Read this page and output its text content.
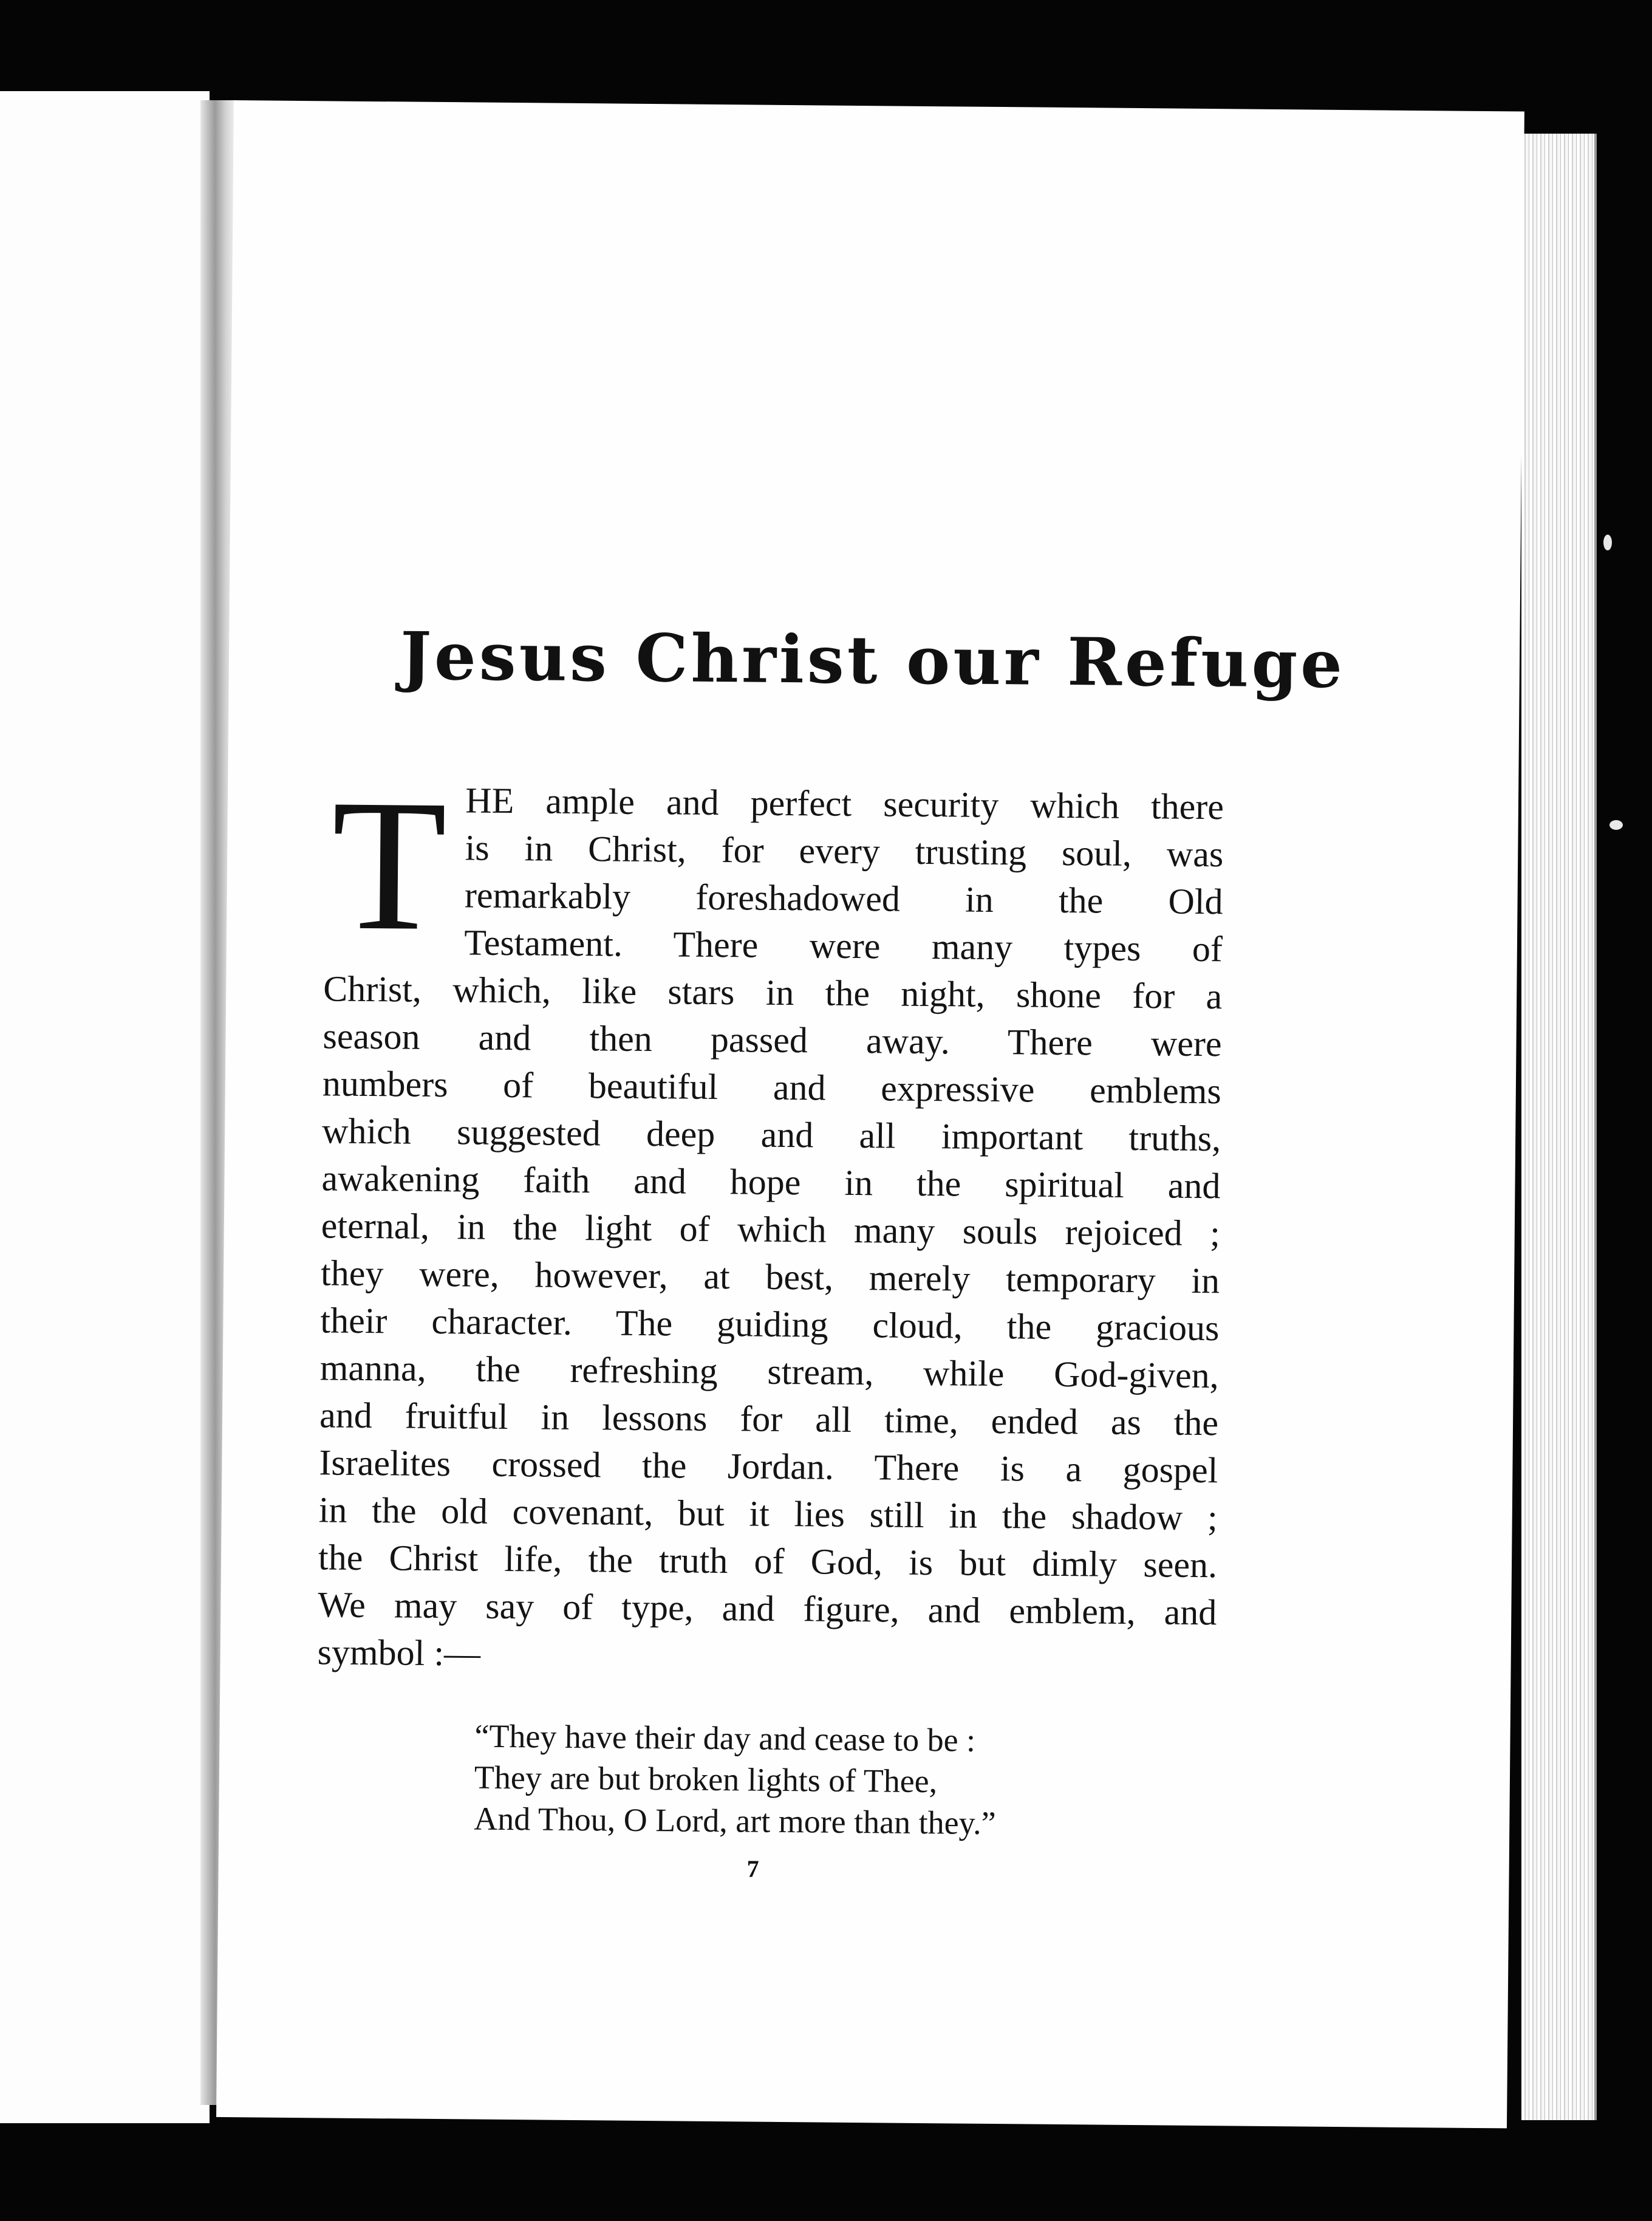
Jesus Christ our Refuge
T HE ample and perfect security which there
is in Christ, for every trusting soul, was
remarkably foreshadowed in the Old
Testament. There were many types of
Christ, which, like stars in the night, shone for a
season and then passed away. There were
numbers of beautiful and expressive emblems
which suggested deep and all important truths,
awakening faith and hope in the spiritual and
eternal, in the light of which many souls rejoiced ;
they were, however, at best, merely temporary in
their character. The guiding cloud, the gracious
manna, the refreshing stream, while God-given,
and fruitful in lessons for all time, ended as the
Israelites crossed the Jordan. There is a gospel
in the old covenant, but it lies still in the shadow ;
the Christ life, the truth of God, is but dimly seen.
We may say of type, and figure, and emblem, and
symbol :—
“They have their day and cease to be :
They are but broken lights of Thee,
And Thou, O Lord, art more than they.”
7
